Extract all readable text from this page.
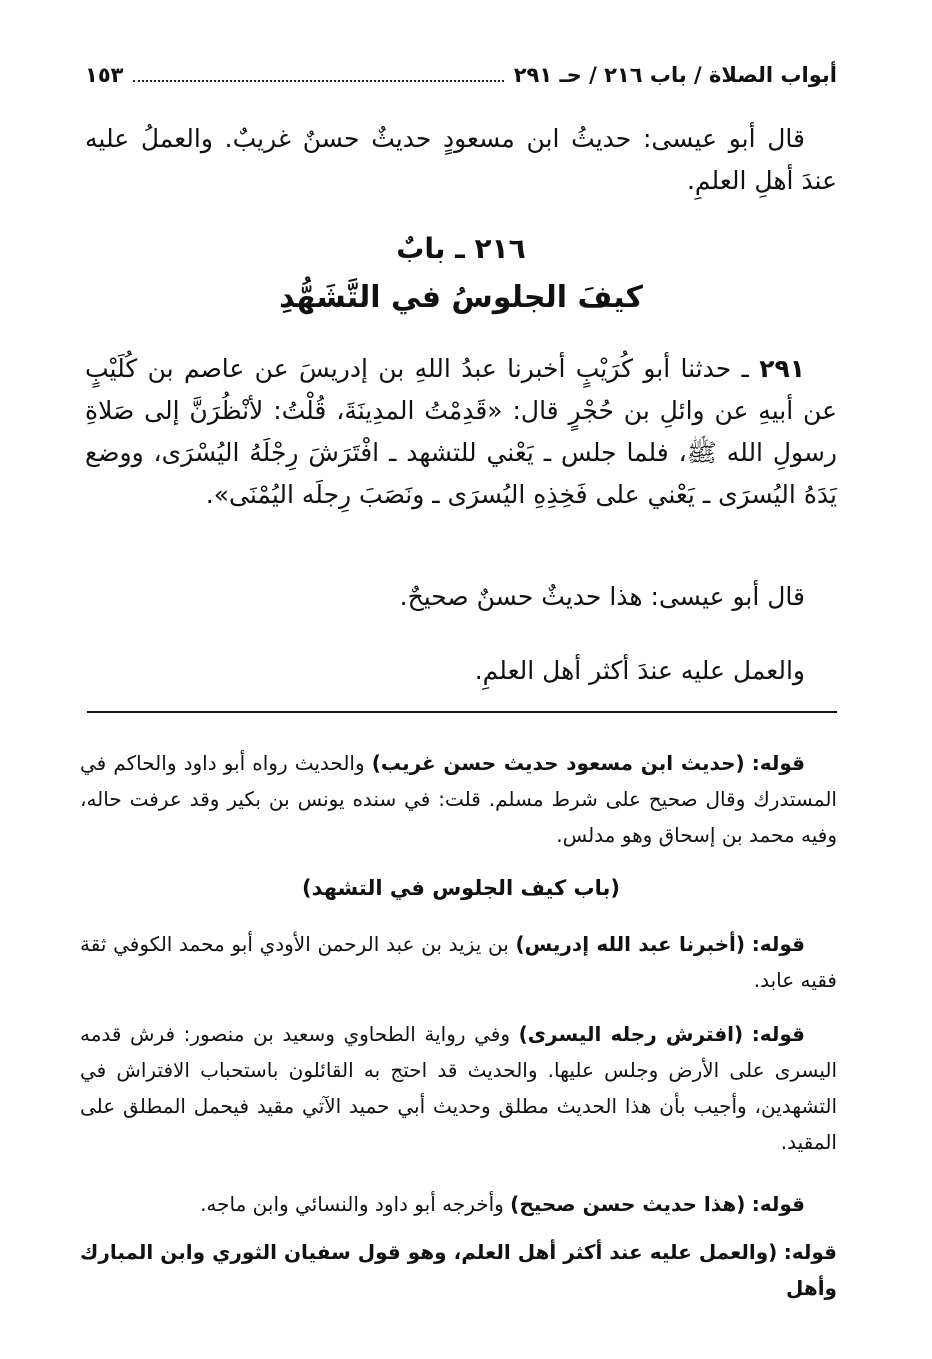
أبواب الصلاة / باب ٢١٦ / حـ ٢٩١
١٥٣
قال أبو عيسى: حديثُ ابن مسعودٍ حديثٌ حسنٌ غريبٌ. والعملُ عليه عندَ أهلِ العلمِ.
٢١٦ ـ بابٌ
كيفَ الجلوسُ في التَّشَهُّدِ
٢٩١ ـ حدثنا أبو كُرَيْبٍ أخبرنا عبدُ اللهِ بن إدريسَ عن عاصم بن كُلَيْبٍ عن أبيهِ عن وائلِ بن حُجْرٍ قال: «قَدِمْتُ المدِينَةَ، قُلْتُ: لأنْظُرَنَّ إلى صَلاةِ رسولِ الله ﷺ، فلما جلس ـ يَعْني للتشهد ـ افْتَرَشَ رِجْلَهُ اليُسْرَى، ووضع يَدَهُ اليُسرَى ـ يَعْني على فَخِذِهِ اليُسرَى ـ ونَصَبَ رِجلَه اليُمْنَى».
قال أبو عيسى: هذا حديثٌ حسنٌ صحيحٌ.
والعمل عليه عندَ أكثر أهل العلمِ.
قوله: (حديث ابن مسعود حديث حسن غريب) والحديث رواه أبو داود والحاكم في المستدرك وقال صحيح على شرط مسلم. قلت: في سنده يونس بن بكير وقد عرفت حاله، وفيه محمد بن إسحاق وهو مدلس.
(باب كيف الجلوس في التشهد)
قوله: (أخبرنا عبد الله إدريس) بن يزيد بن عبد الرحمن الأودي أبو محمد الكوفي ثقة فقيه عابد.
قوله: (افترش رجله اليسرى) وفي رواية الطحاوي وسعيد بن منصور: فرش قدمه اليسرى على الأرض وجلس عليها. والحديث قد احتج به القائلون باستحباب الافتراش في التشهدين، وأجيب بأن هذا الحديث مطلق وحديث أبي حميد الآتي مقيد فيحمل المطلق على المقيد.
قوله: (هذا حديث حسن صحيح) وأخرجه أبو داود والنسائي وابن ماجه.
قوله: (والعمل عليه عند أكثر أهل العلم، وهو قول سفيان الثوري وابن المبارك وأهل
